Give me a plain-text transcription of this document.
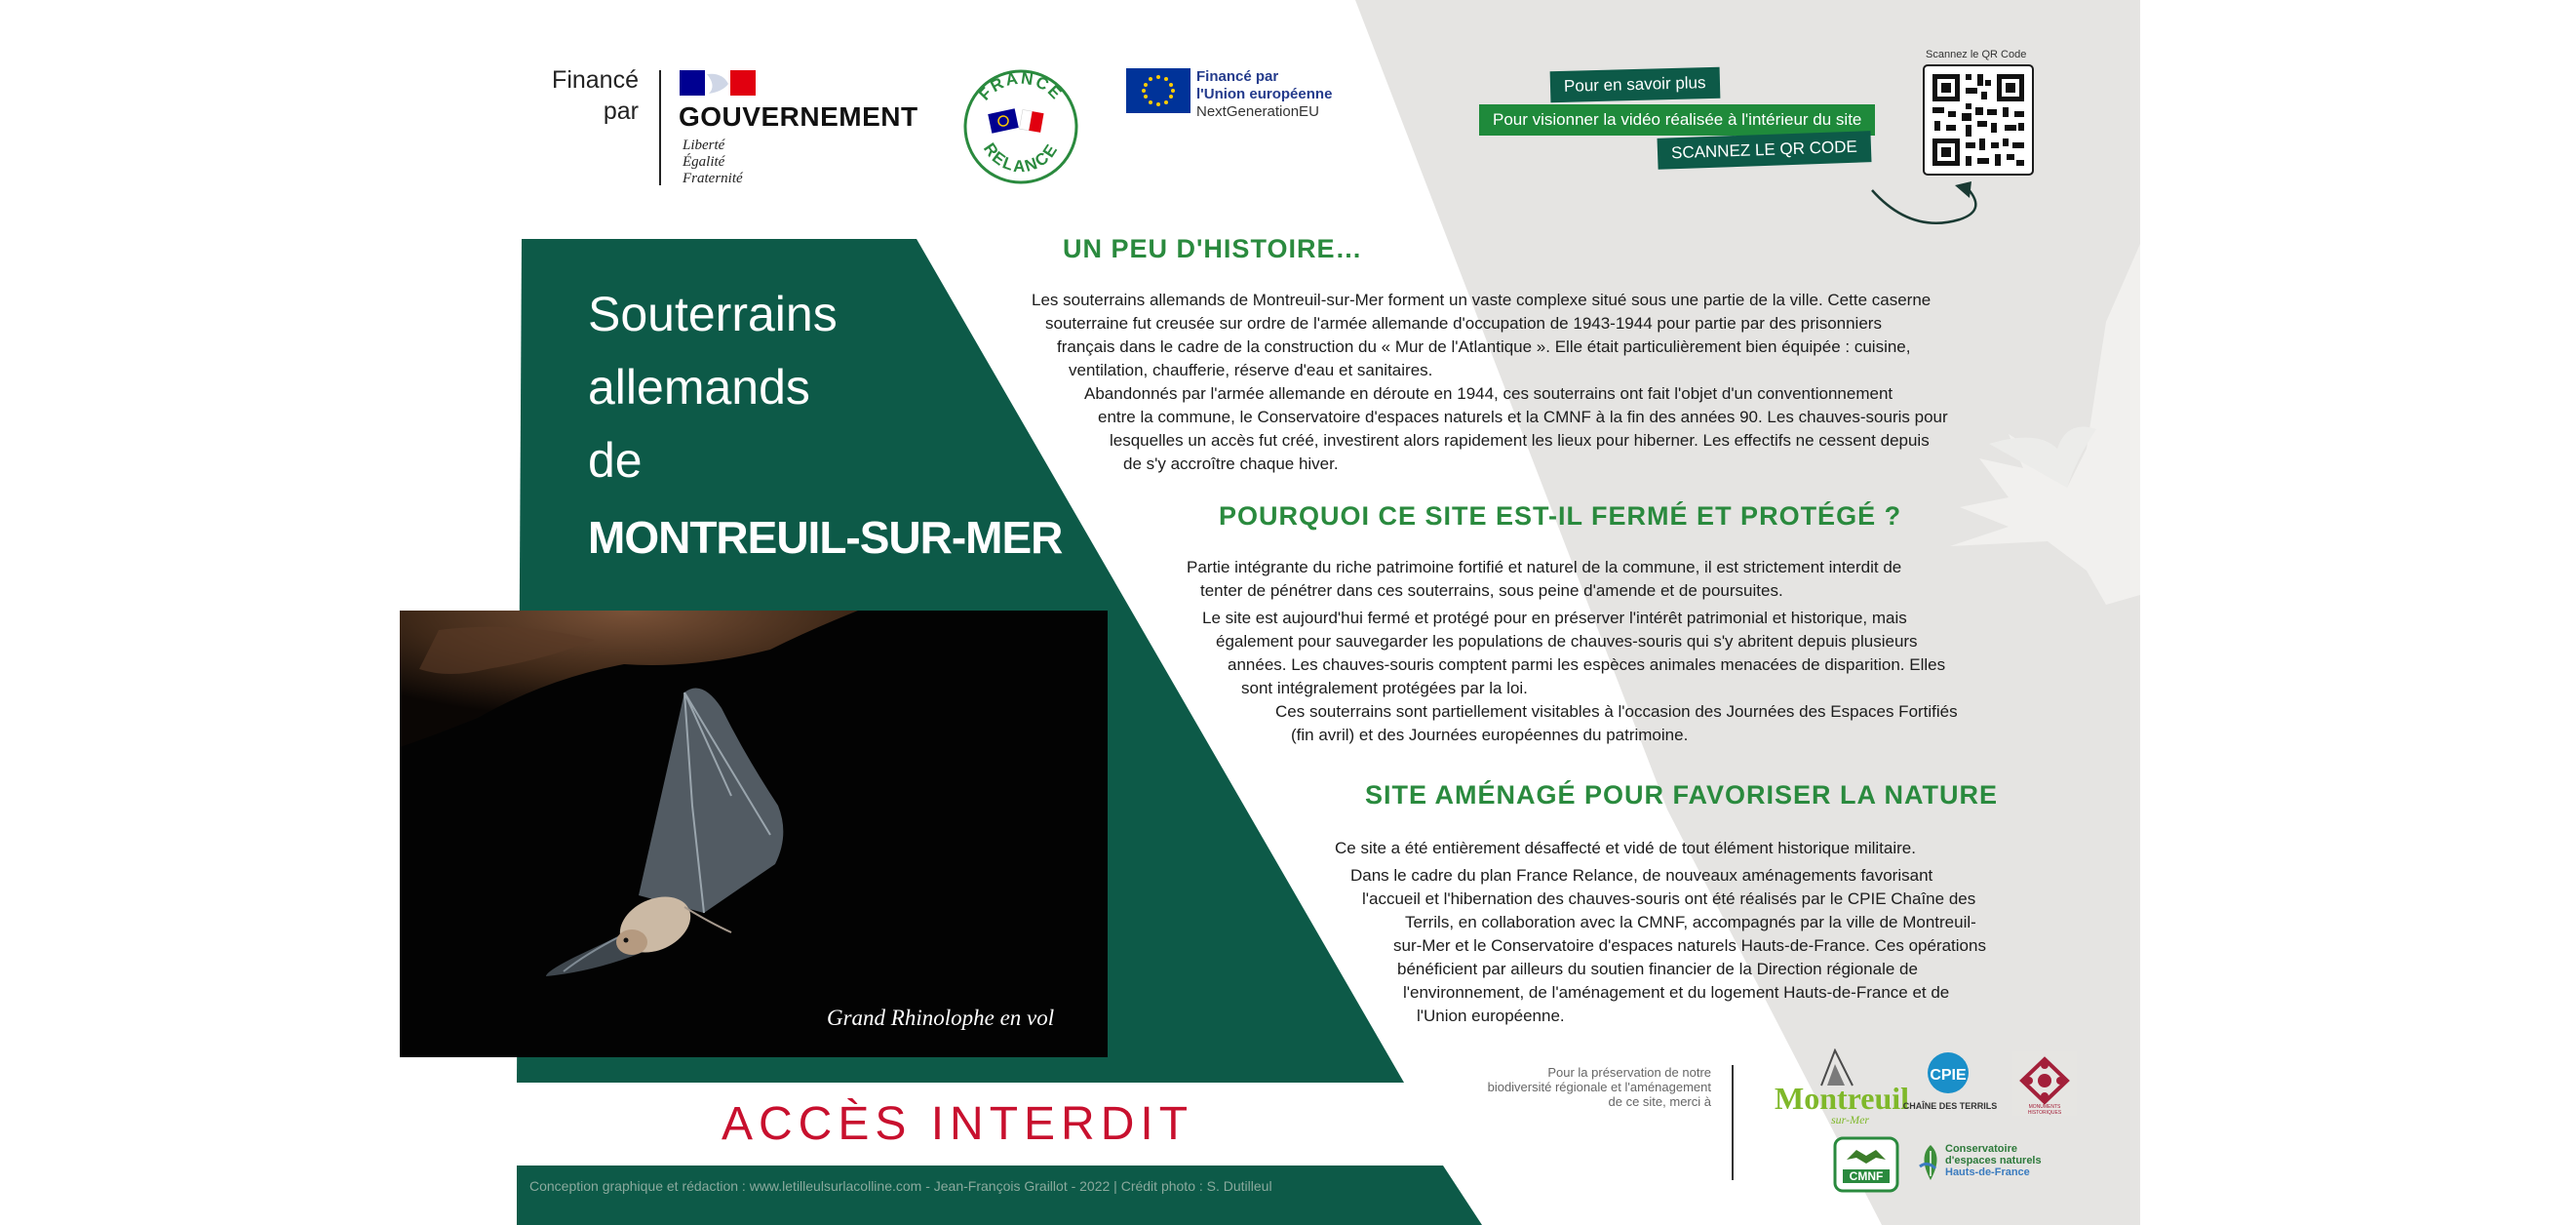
Financé par GOUVERNEMENT
Liberté
Égalité
Fraternité
FRANCE
RELANCE
Financé par
l'Union européenne
NextGenerationEU
Pour en savoir plus
Pour visionner la vidéo réalisée à l'intérieur du site
SCANNEZ LE QR CODE
Scannez le QR Code
Souterrains
allemands
de
MONTREUIL-SUR-MER
Grand Rhinolophe en vol
UN PEU D'HISTOIRE…

Les souterrains allemands de Montreuil-sur-Mer forment un vaste complexe situé sous une partie de la ville. Cette caserne

souterraine fut creusée sur ordre de l'armée allemande d'occupation de 1943-1944 pour partie par des prisonniers

français dans le cadre de la construction du « Mur de l'Atlantique ». Elle était particulièrement bien équipée : cuisine,

ventilation, chaufferie, réserve d'eau et sanitaires.

Abandonnés par l'armée allemande en déroute en 1944, ces souterrains ont fait l'objet d'un conventionnement

entre la commune, le Conservatoire d'espaces naturels et la CMNF à la fin des années 90. Les chauves-souris pour

lesquelles un accès fut créé, investirent alors rapidement les lieux pour hiberner. Les effectifs ne cessent depuis

de s'y accroître chaque hiver.

POURQUOI CE SITE EST-IL FERMÉ ET PROTÉGÉ ?

Partie intégrante du riche patrimoine fortifié et naturel de la commune, il est strictement interdit de

tenter de pénétrer dans ces souterrains, sous peine d'amende et de poursuites.

Le site est aujourd'hui fermé et protégé pour en préserver l'intérêt patrimonial et historique, mais

également pour sauvegarder les populations de chauves-souris qui s'y abritent depuis plusieurs

années. Les chauves-souris comptent parmi les espèces animales menacées de disparition. Elles

sont intégralement protégées par la loi.

Ces souterrains sont partiellement visitables à l'occasion des Journées des Espaces Fortifiés

(fin avril) et des Journées européennes du patrimoine.

SITE AMÉNAGÉ POUR FAVORISER LA NATURE

Ce site a été entièrement désaffecté et vidé de tout élément historique militaire.

Dans le cadre du plan France Relance, de nouveaux aménagements favorisant

l'accueil et l'hibernation des chauves-souris ont été réalisés par le CPIE Chaîne des

Terrils, en collaboration avec la CMNF, accompagnés par la ville de Montreuil-

sur-Mer et le Conservatoire d'espaces naturels Hauts-de-France. Ces opérations

bénéficient par ailleurs du soutien financier de la Direction régionale de

l'environnement, de l'aménagement et du logement Hauts-de-France et de

l'Union européenne.

ACCÈS INTERDIT
Conception graphique et rédaction : www.letilleulsurlacolline.com - Jean-François Graillot - 2022 | Crédit photo : S. Dutilleul
Pour la préservation de notre biodiversité régionale et l'aménagement de ce site, merci à Montreuil
sur-Mer
CPIE
CHAÎNE DES TERRILS	MONUMENTS HISTORIQUES
CMNF
Conservatoire
d'espaces naturels
Hauts-de-France
